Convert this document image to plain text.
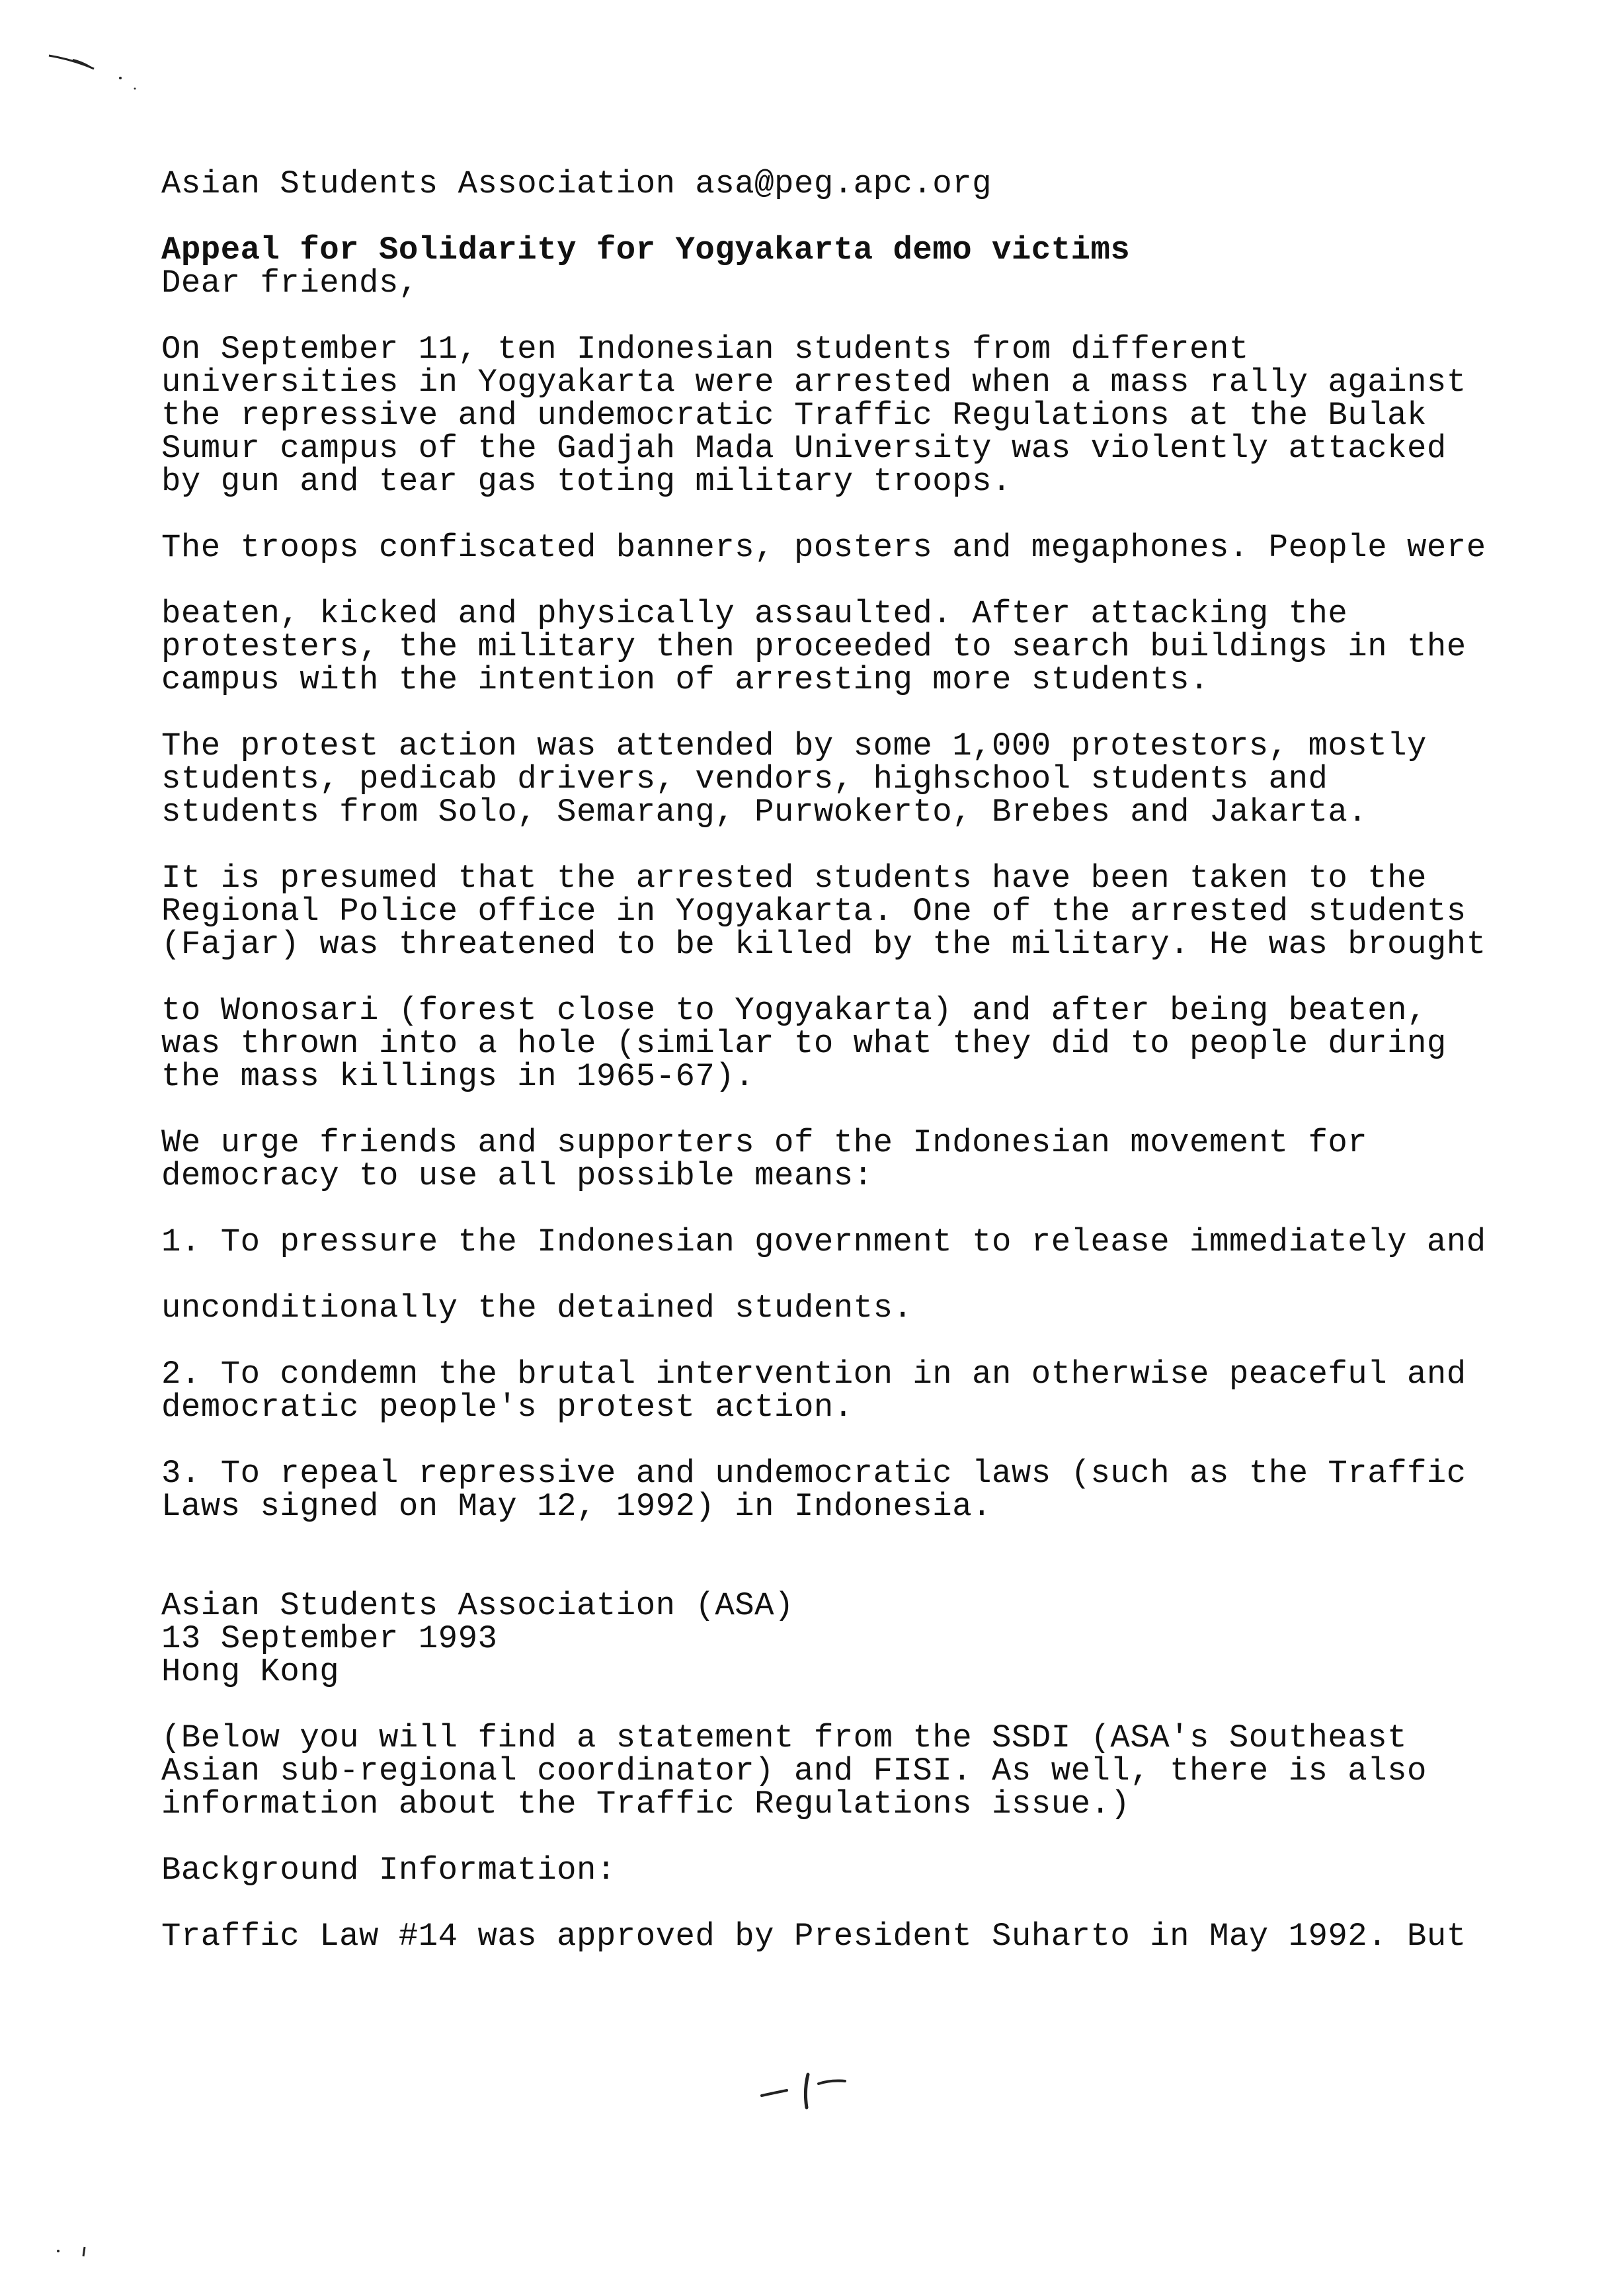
Asian Students Association asa@peg.apc.org
Appeal for Solidarity for Yogyakarta demo victims
Dear friends,
On September 11, ten Indonesian students from different
universities in Yogyakarta were arrested when a mass rally against
the repressive and undemocratic Traffic Regulations at the Bulak
Sumur campus of the Gadjah Mada University was violently attacked
by gun and tear gas toting military troops.
The troops confiscated banners, posters and megaphones. People were
beaten, kicked and physically assaulted. After attacking the
protesters, the military then proceeded to search buildings in the
campus with the intention of arresting more students.
The protest action was attended by some 1,000 protestors, mostly
students, pedicab drivers, vendors, highschool students and
students from Solo, Semarang, Purwokerto, Brebes and Jakarta.
It is presumed that the arrested students have been taken to the
Regional Police office in Yogyakarta. One of the arrested students
(Fajar) was threatened to be killed by the military. He was brought
to Wonosari (forest close to Yogyakarta) and after being beaten,
was thrown into a hole (similar to what they did to people during
the mass killings in 1965-67).
We urge friends and supporters of the Indonesian movement for
democracy to use all possible means:
1. To pressure the Indonesian government to release immediately and
unconditionally the detained students.
2. To condemn the brutal intervention in an otherwise peaceful and
democratic people's protest action.
3. To repeal repressive and undemocratic laws (such as the Traffic
Laws signed on May 12, 1992) in Indonesia.
Asian Students Association (ASA)
13 September 1993
Hong Kong
(Below you will find a statement from the SSDI (ASA's Southeast
Asian sub-regional coordinator) and FISI. As well, there is also
information about the Traffic Regulations issue.)
Background Information:
Traffic Law #14 was approved by President Suharto in May 1992. But
